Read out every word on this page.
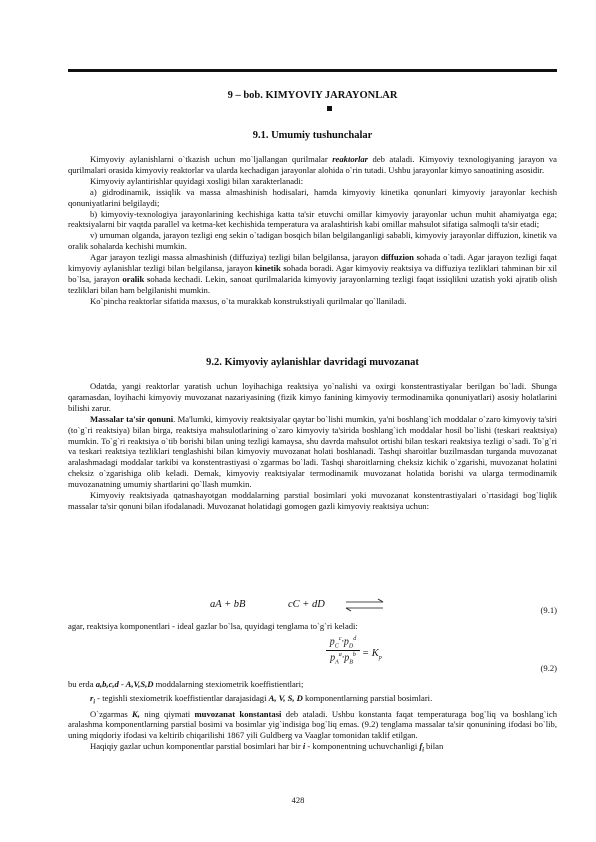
9 – bob. KIMYOVIY JARAYONLAR
9.1. Umumiy tushunchalar

Kimyoviy aylanishlarni o`tkazish uchun mo`ljallangan qurilmalar reaktorlar deb ataladi. Kimyoviy texnologiyaning jarayon va qurilmalari orasida kimyoviy reaktorlar va ularda kechadigan jarayonlar alohida o`rin tutadi. Ushbu jarayonlar kimyo sanoatining asosidir.

Kimyoviy aylantirishlar quyidagi xosligi bilan xarakterlanadi:

a) gidrodinamik, issiqlik va massa almashinish hodisalari, hamda kimyoviy kinetika qonunlari kimyoviy jarayonlar kechish qonuniyatlarini belgilaydi;

b) kimyoviy-texnologiya jarayonlarining kechishiga katta ta'sir etuvchi omillar kimyoviy jarayonlar uchun muhit ahamiyatga ega; reaktsiyalarni bir vaqtda parallel va ketma-ket kechishida temperatura va aralashtirish kabi omillar mahsulot sifatiga salmoqli ta'sir etadi;

v) umuman olganda, jarayon tezligi eng sekin o`tadigan bosqich bilan belgilanganligi sababli, kimyoviy jarayonlar diffuzion, kinetik va oralik sohalarda kechishi mumkin.

Agar jarayon tezligi massa almashinish (diffuziya) tezligi bilan belgilansa, jarayon diffuzion sohada o`tadi. Agar jarayon tezligi faqat kimyoviy aylanishlar tezligi bilan belgilansa, jarayon kinetik sohada boradi. Agar kimyoviy reaktsiya va diffuziya tezliklari tahminan bir xil bo`lsa, jarayon oralik sohada kechadi. Lekin, sanoat qurilmalarida kimyoviy jarayonlarning tezligi faqat issiqlikni uzatish yoki ajratib olish tezliklari bilan ham belgilanishi mumkin.

Ko`pincha reaktorlar sifatida maxsus, o`ta murakkab konstrukstiyali qurilmalar qo`llaniladi.

9.2. Kimyoviy aylanishlar davridagi muvozanat

Odatda, yangi reaktorlar yaratish uchun loyihachiga reaktsiya yo`nalishi va oxirgi konstentrastiyalar berilgan bo`ladi. Shunga qaramasdan, loyihachi kimyoviy muvozanat nazariyasining (fizik kimyo fanining kimyoviy termodinamika qonuniyatlari) asosiy holatlarini bilishi zarur.

Massalar ta'sir qonuni. Ma'lumki, kimyoviy reaktsiyalar qaytar bo`lishi mumkin, ya'ni boshlang`ich moddalar o`zaro kimyoviy ta'siri (to`g`ri reaktsiya) bilan birga, reaktsiya mahsulotlarining o`zaro kimyoviy ta'sirida boshlang`ich moddalar hosil bo`lishi (teskari reaktsiya) mumkin. To`g`ri reaktsiya o`tib borishi bilan uning tezligi kamaysa, shu davrda mahsulot ortishi bilan teskari reaktsiya tezligi o`sadi. To`g`ri va teskari reaktsiya tezliklari tenglashishi bilan kimyoviy muvozanat holati boshlanadi. Tashqi sharoitlar buzilmasdan turganda muvozanat aralashmadagi moddalar tarkibi va konstentrastiyasi o`zgarmas bo`ladi. Tashqi sharoitlarning cheksiz kichik o`zgarishi, muvozanat holatini cheksiz o`zgarishiga olib keladi. Demak, kimyoviy reaktsiyalar termodinamik muvozanat holatida borishi va ularga termodinamik muvozanatning umumiy shartlarini qo`llash mumkin.

Kimyoviy reaktsiyada qatnashayotgan moddalarning parstial bosimlari yoki muvozanat konstentrastiyalari o`rtasidagi bog`liqlik massalar ta'sir qonuni bilan ifodalanadi. Muvozanat holatidagi gomogen gazli kimyoviy reaktsiya uchun:

aA + bB	cC + dD ⇌	(9.1)

agar, reaktsiya komponentlari - ideal gazlar bo`lsa, quyidagi tenglama to`g`ri keladi:

$p_C^c\cdot p_D^d$
$p_A^a\cdot p_B^b = K_p$
(9.2)

bu erda a,b,c,d - A,V,S,D moddalarning stexiometrik koeffistientlari;

$r_i$ - tegishli stexiometrik koeffistientlar darajasidagi A, V, S, D komponentlarning parstial bosimlari.

O`zgarmas K, ning qiymati muvozanat konstantasi deb ataladi. Ushbu konstanta faqat temperaturaga bog`liq va boshlang`ich aralashma komponentlarning parstial bosimi va bosimlar yig`indisiga bog`liq emas. (9.2) tenglama massalar ta'sir qonunining ifodasi bo`lib, uning miqdoriy ifodasi va keltirib chiqarilishi 1867 yili Guldberg va Vaaglar tomonidan taklif etilgan.

Haqiqiy gazlar uchun komponentlar parstial bosimlari har bir i - komponentning uchuvchanligi $f_i$ bilan

428
